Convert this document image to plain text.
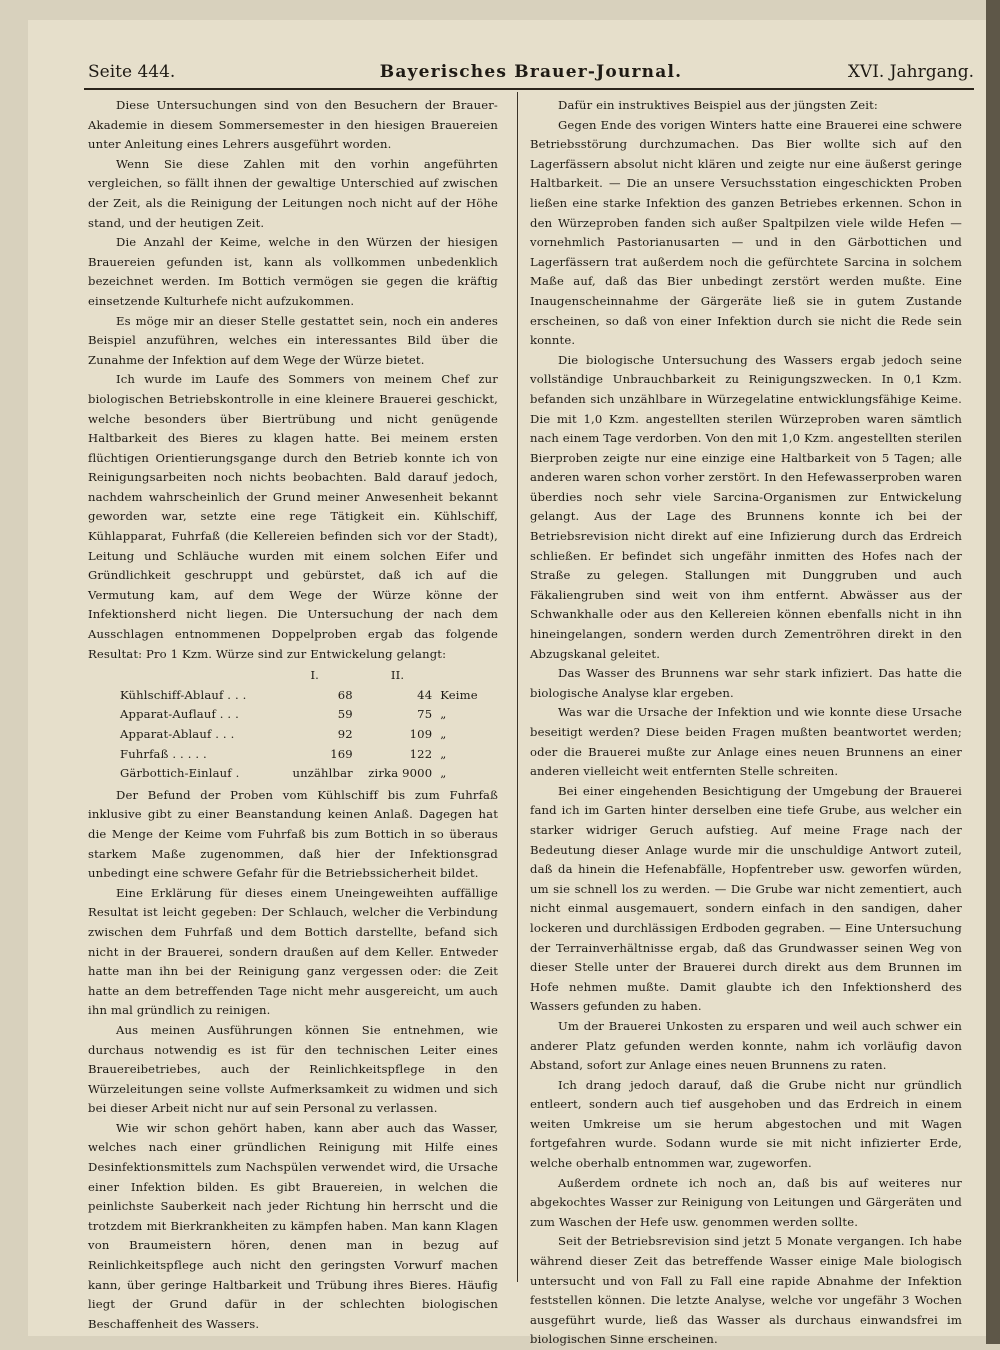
Seite 444.	Bayerisches Brauer-Journal.	XVI. Jahrgang.

Diese Untersuchungen sind von den Besuchern der Brauer-Akademie in diesem Sommersemester in den hiesigen Brauereien unter Anleitung eines Lehrers ausgeführt worden.

Wenn Sie diese Zahlen mit den vorhin angeführten vergleichen, so fällt ihnen der gewaltige Unterschied auf zwischen der Zeit, als die Reinigung der Leitungen noch nicht auf der Höhe stand, und der heutigen Zeit.

Die Anzahl der Keime, welche in den Würzen der hiesigen Brauereien gefunden ist, kann als vollkommen unbedenklich bezeichnet werden. Im Bottich vermögen sie gegen die kräftig einsetzende Kulturhefe nicht aufzukommen.

Es möge mir an dieser Stelle gestattet sein, noch ein anderes Beispiel anzuführen, welches ein interessantes Bild über die Zunahme der Infektion auf dem Wege der Würze bietet.

Ich wurde im Laufe des Sommers von meinem Chef zur biologischen Betriebskontrolle in eine kleinere Brauerei geschickt, welche besonders über Biertrübung und nicht genügende Haltbarkeit des Bieres zu klagen hatte. Bei meinem ersten flüchtigen Orientierungsgange durch den Betrieb konnte ich von Reinigungsarbeiten noch nichts beobachten. Bald darauf jedoch, nachdem wahrscheinlich der Grund meiner Anwesenheit bekannt geworden war, setzte eine rege Tätigkeit ein. Kühlschiff, Kühlapparat, Fuhrfaß (die Kellereien befinden sich vor der Stadt), Leitung und Schläuche wurden mit einem solchen Eifer und Gründlichkeit geschruppt und gebürstet, daß ich auf die Vermutung kam, auf dem Wege der Würze könne der Infektionsherd nicht liegen. Die Untersuchung der nach dem Ausschlagen entnommenen Doppelproben ergab das folgende Resultat: Pro 1 Kzm. Würze sind zur Entwickelung gelangt:

	I.	II.	
Kühlschiff-Ablauf . . .	68	44	Keime
Apparat-Auflauf . . .	59	75	„
Apparat-Ablauf . . .	92	109	„
Fuhrfaß . . . . .	169	122	„
Gärbottich-Einlauf .	unzählbar	zirka 9000	„

Der Befund der Proben vom Kühlschiff bis zum Fuhrfaß inklusive gibt zu einer Beanstandung keinen Anlaß. Dagegen hat die Menge der Keime vom Fuhrfaß bis zum Bottich in so überaus starkem Maße zugenommen, daß hier der Infektionsgrad unbedingt eine schwere Gefahr für die Betriebssicherheit bildet.

Eine Erklärung für dieses einem Uneingeweihten auffällige Resultat ist leicht gegeben: Der Schlauch, welcher die Verbindung zwischen dem Fuhrfaß und dem Bottich darstellte, befand sich nicht in der Brauerei, sondern draußen auf dem Keller. Entweder hatte man ihn bei der Reinigung ganz vergessen oder: die Zeit hatte an dem betreffenden Tage nicht mehr ausgereicht, um auch ihn mal gründlich zu reinigen.

Aus meinen Ausführungen können Sie entnehmen, wie durchaus notwendig es ist für den technischen Leiter eines Brauereibetriebes, auch der Reinlichkeitspflege in den Würzeleitungen seine vollste Aufmerksamkeit zu widmen und sich bei dieser Arbeit nicht nur auf sein Personal zu verlassen.

Wie wir schon gehört haben, kann aber auch das Wasser, welches nach einer gründlichen Reinigung mit Hilfe eines Desinfektionsmittels zum Nachspülen verwendet wird, die Ursache einer Infektion bilden. Es gibt Brauereien, in welchen die peinlichste Sauberkeit nach jeder Richtung hin herrscht und die trotzdem mit Bierkrankheiten zu kämpfen haben. Man kann Klagen von Braumeistern hören, denen man in bezug auf Reinlichkeitspflege auch nicht den geringsten Vorwurf machen kann, über geringe Haltbarkeit und Trübung ihres Bieres. Häufig liegt der Grund dafür in der schlechten biologischen Beschaffenheit des Wassers.

Dafür ein instruktives Beispiel aus der jüngsten Zeit:

Gegen Ende des vorigen Winters hatte eine Brauerei eine schwere Betriebsstörung durchzumachen. Das Bier wollte sich auf den Lagerfässern absolut nicht klären und zeigte nur eine äußerst geringe Haltbarkeit. — Die an unsere Versuchsstation eingeschickten Proben ließen eine starke Infektion des ganzen Betriebes erkennen. Schon in den Würzeproben fanden sich außer Spaltpilzen viele wilde Hefen — vornehmlich Pastorianusarten — und in den Gärbottichen und Lagerfässern trat außerdem noch die gefürchtete Sarcina in solchem Maße auf, daß das Bier unbedingt zerstört werden mußte. Eine Inaugenscheinnahme der Gärgeräte ließ sie in gutem Zustande erscheinen, so daß von einer Infektion durch sie nicht die Rede sein konnte.

Die biologische Untersuchung des Wassers ergab jedoch seine vollständige Unbrauchbarkeit zu Reinigungszwecken. In 0,1 Kzm. befanden sich unzählbare in Würzegelatine entwicklungsfähige Keime. Die mit 1,0 Kzm. angestellten sterilen Würzeproben waren sämtlich nach einem Tage verdorben. Von den mit 1,0 Kzm. angestellten sterilen Bierproben zeigte nur eine einzige eine Haltbarkeit von 5 Tagen; alle anderen waren schon vorher zerstört. In den Hefewasserproben waren überdies noch sehr viele Sarcina-Organismen zur Entwickelung gelangt. Aus der Lage des Brunnens konnte ich bei der Betriebsrevision nicht direkt auf eine Infizierung durch das Erdreich schließen. Er befindet sich ungefähr inmitten des Hofes nach der Straße zu gelegen. Stallungen mit Dunggruben und auch Fäkaliengruben sind weit von ihm entfernt. Abwässer aus der Schwankhalle oder aus den Kellereien können ebenfalls nicht in ihn hineingelangen, sondern werden durch Zementröhren direkt in den Abzugskanal geleitet.

Das Wasser des Brunnens war sehr stark infiziert. Das hatte die biologische Analyse klar ergeben.

Was war die Ursache der Infektion und wie konnte diese Ursache beseitigt werden? Diese beiden Fragen mußten beantwortet werden; oder die Brauerei mußte zur Anlage eines neuen Brunnens an einer anderen vielleicht weit entfernten Stelle schreiten.

Bei einer eingehenden Besichtigung der Umgebung der Brauerei fand ich im Garten hinter derselben eine tiefe Grube, aus welcher ein starker widriger Geruch aufstieg. Auf meine Frage nach der Bedeutung dieser Anlage wurde mir die unschuldige Antwort zuteil, daß da hinein die Hefenabfälle, Hopfentreber usw. geworfen würden, um sie schnell los zu werden. — Die Grube war nicht zementiert, auch nicht einmal ausgemauert, sondern einfach in den sandigen, daher lockeren und durchlässigen Erdboden gegraben. — Eine Untersuchung der Terrainverhältnisse ergab, daß das Grundwasser seinen Weg von dieser Stelle unter der Brauerei durch direkt aus dem Brunnen im Hofe nehmen mußte. Damit glaubte ich den Infektionsherd des Wassers gefunden zu haben.

Um der Brauerei Unkosten zu ersparen und weil auch schwer ein anderer Platz gefunden werden konnte, nahm ich vorläufig davon Abstand, sofort zur Anlage eines neuen Brunnens zu raten.

Ich drang jedoch darauf, daß die Grube nicht nur gründlich entleert, sondern auch tief ausgehoben und das Erdreich in einem weiten Umkreise um sie herum abgestochen und mit Wagen fortgefahren wurde. Sodann wurde sie mit nicht infizierter Erde, welche oberhalb entnommen war, zugeworfen.

Außerdem ordnete ich noch an, daß bis auf weiteres nur abgekochtes Wasser zur Reinigung von Leitungen und Gärgeräten und zum Waschen der Hefe usw. genommen werden sollte.

Seit der Betriebsrevision sind jetzt 5 Monate vergangen. Ich habe während dieser Zeit das betreffende Wasser einige Male biologisch untersucht und von Fall zu Fall eine rapide Abnahme der Infektion feststellen können. Die letzte Analyse, welche vor ungefähr 3 Wochen ausgeführt wurde, ließ das Wasser als durchaus einwandsfrei im biologischen Sinne erscheinen.
